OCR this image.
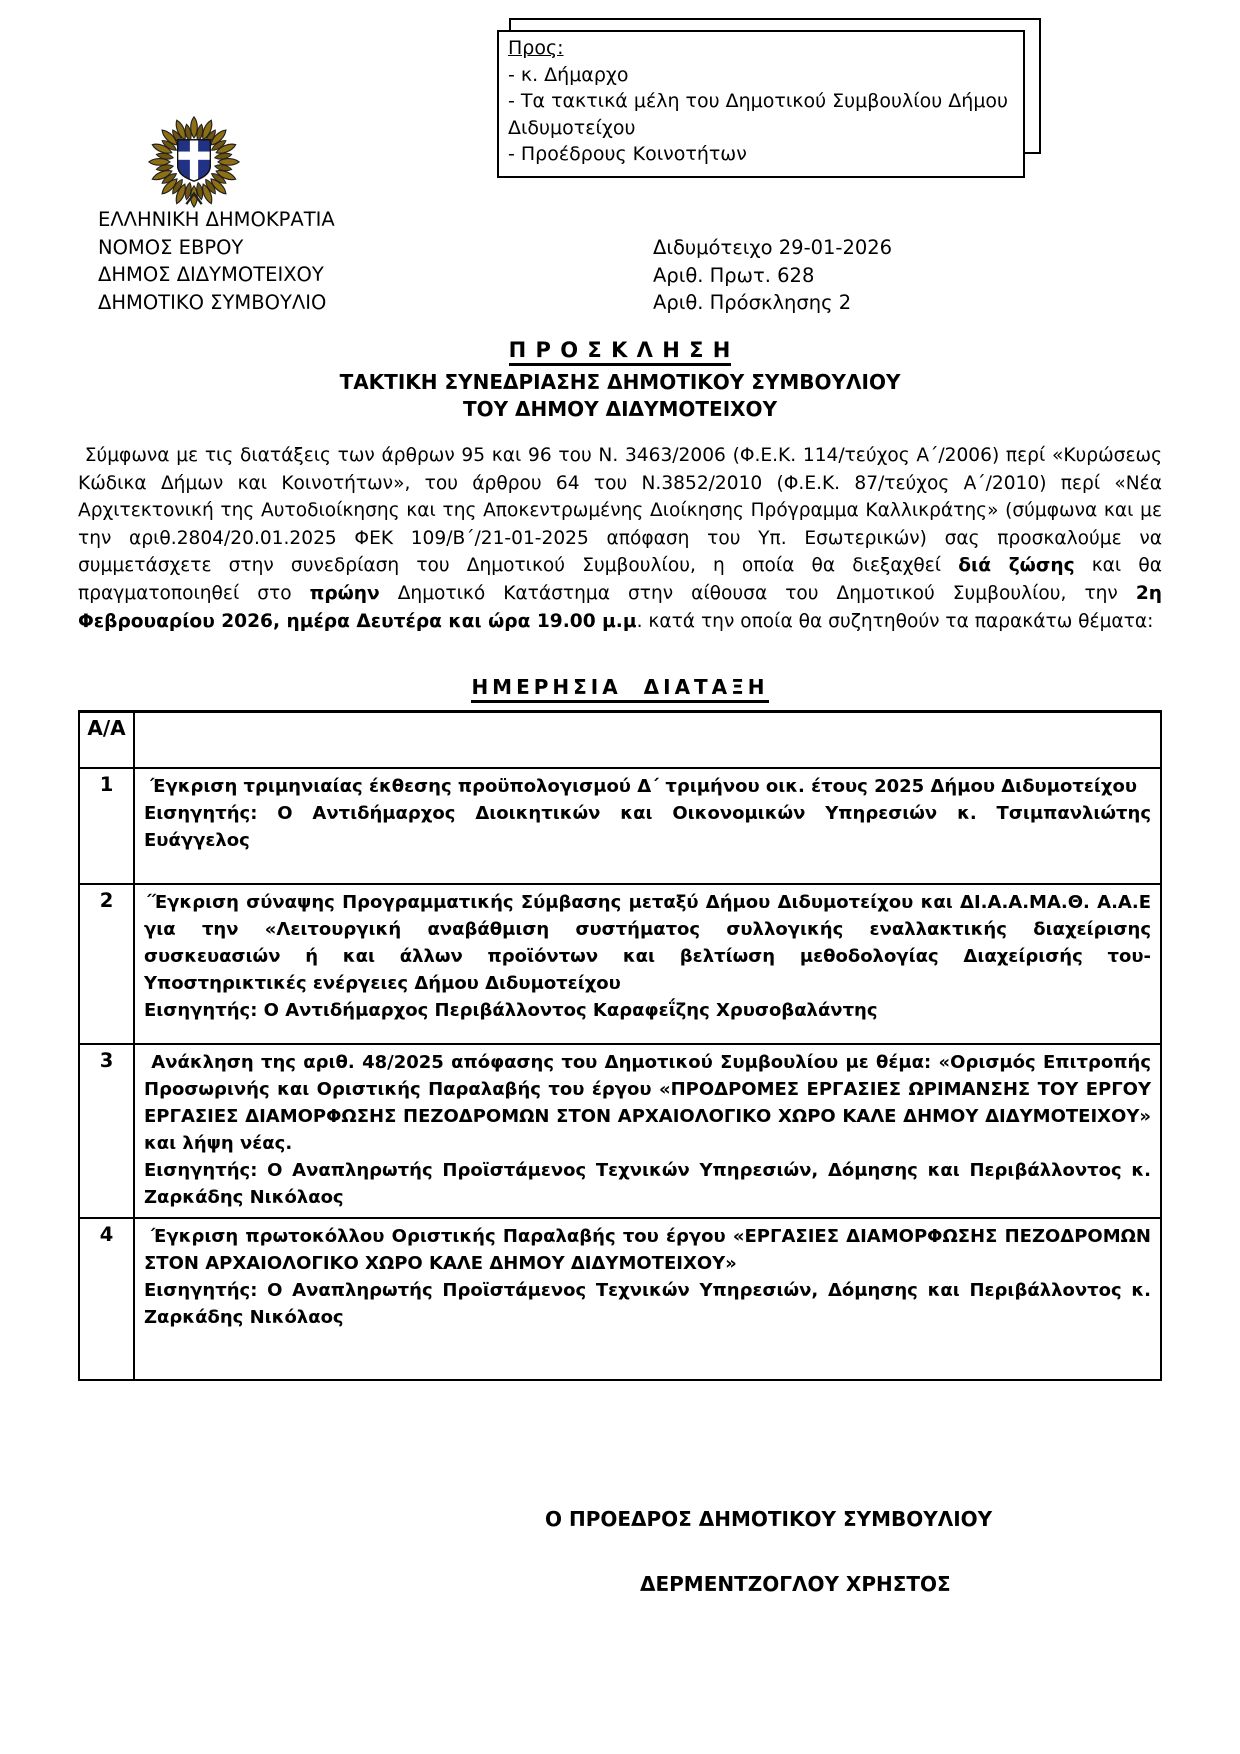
Προς:
- κ. Δήμαρχο
- Τα τακτικά μέλη του Δημοτικού Συμβουλίου Δήμου Διδυμοτείχου
- Προέδρους Κοινοτήτων
ΕΛΛΗΝΙΚΗ ΔΗΜΟΚΡΑΤΙΑ
ΝΟΜΟΣ ΕΒΡΟΥ
ΔΗΜΟΣ ΔΙΔΥΜΟΤΕΙΧΟΥ
ΔΗΜΟΤΙΚΟ ΣΥΜΒΟΥΛΙΟ
Διδυμότειχο 29-01-2026
Αριθ. Πρωτ. 628
Αριθ. Πρόσκλησης 2
Π Ρ Ο Σ Κ Λ Η Σ Η
ΤΑΚΤΙΚΗ ΣΥΝΕΔΡΙΑΣΗΣ ΔΗΜΟΤΙΚΟΥ ΣΥΜΒΟΥΛΙΟΥ
ΤΟΥ ΔΗΜΟΥ ΔΙΔΥΜΟΤΕΙΧΟΥ

Σύμφωνα με τις διατάξεις των άρθρων 95 και 96 του Ν. 3463/2006 (Φ.Ε.Κ. 114/τεύχος Α΄/2006) περί «Κυρώσεως Κώδικα Δήμων και Κοινοτήτων», του άρθρου 64 του Ν.3852/2010 (Φ.Ε.Κ. 87/τεύχος Α΄/2010) περί «Νέα Αρχιτεκτονική της Αυτοδιοίκησης και της Αποκεντρωμένης Διοίκησης Πρόγραμμα Καλλικράτης» (σύμφωνα και με την αριθ.2804/20.01.2025 ΦΕΚ 109/Β΄/21-01-2025 απόφαση του Υπ. Εσωτερικών) σας προσκαλούμε να συμμετάσχετε στην συνεδρίαση του Δημοτικού Συμβουλίου, η οποία θα διεξαχθεί διά ζώσης και θα πραγματοποιηθεί στο πρώην Δημοτικό Κατάστημα στην αίθουσα του Δημοτικού Συμβουλίου, την 2η Φεβρουαρίου 2026, ημέρα Δευτέρα και ώρα 19.00 μ.μ. κατά την οποία θα συζητηθούν τα παρακάτω θέματα:

ΗΜΕΡΗΣΙΑ  ΔΙΑΤΑΞΗ
Α/Α	
1	Έγκριση τριμηνιαίας έκθεσης προϋπολογισμού Δ΄ τριμήνου οικ. έτους 2025 Δήμου Διδυμοτείχου

Εισηγητής: Ο Αντιδήμαρχος Διοικητικών και Οικονομικών Υπηρεσιών κ. Τσιμπανλιώτης Ευάγγελος

2	΄Έγκριση σύναψης Προγραμματικής Σύμβασης μεταξύ Δήμου Διδυμοτείχου και ΔΙ.Α.Α.ΜΑ.Θ. Α.Α.Ε για την «Λειτουργική αναβάθμιση συστήματος συλλογικής εναλλακτικής διαχείρισης συσκευασιών ή και άλλων προϊόντων και βελτίωση μεθοδολογίας Διαχείρισής του- Υποστηρικτικές ενέργειες Δήμου Διδυμοτείχου

Εισηγητής: Ο Αντιδήμαρχος Περιβάλλοντος Καραφεΐζης Χρυσοβαλάντης

3	Ανάκληση της αριθ. 48/2025 απόφασης του Δημοτικού Συμβουλίου με θέμα: «Ορισμός Επιτροπής Προσωρινής και Οριστικής Παραλαβής του έργου «ΠΡΟΔΡΟΜΕΣ ΕΡΓΑΣΙΕΣ ΩΡΙΜΑΝΣΗΣ ΤΟΥ ΕΡΓΟΥ ΕΡΓΑΣΙΕΣ ΔΙΑΜΟΡΦΩΣΗΣ ΠΕΖΟΔΡΟΜΩΝ ΣΤΟΝ ΑΡΧΑΙΟΛΟΓΙΚΟ ΧΩΡΟ ΚΑΛΕ ΔΗΜΟΥ ΔΙΔΥΜΟΤΕΙΧΟΥ» και λήψη νέας.

Εισηγητής: Ο Αναπληρωτής Προϊστάμενος Τεχνικών Υπηρεσιών, Δόμησης και Περιβάλλοντος κ. Ζαρκάδης Νικόλαος

4	Έγκριση πρωτοκόλλου Οριστικής Παραλαβής του έργου «ΕΡΓΑΣΙΕΣ ΔΙΑΜΟΡΦΩΣΗΣ ΠΕΖΟΔΡΟΜΩΝ ΣΤΟΝ ΑΡΧΑΙΟΛΟΓΙΚΟ ΧΩΡΟ ΚΑΛΕ ΔΗΜΟΥ ΔΙΔΥΜΟΤΕΙΧΟΥ»

Εισηγητής: Ο Αναπληρωτής Προϊστάμενος Τεχνικών Υπηρεσιών, Δόμησης και Περιβάλλοντος κ. Ζαρκάδης Νικόλαος

Ο ΠΡΟΕΔΡΟΣ ΔΗΜΟΤΙΚΟΥ ΣΥΜΒΟΥΛΙΟΥ
ΔΕΡΜΕΝΤΖΟΓΛΟΥ ΧΡΗΣΤΟΣ
